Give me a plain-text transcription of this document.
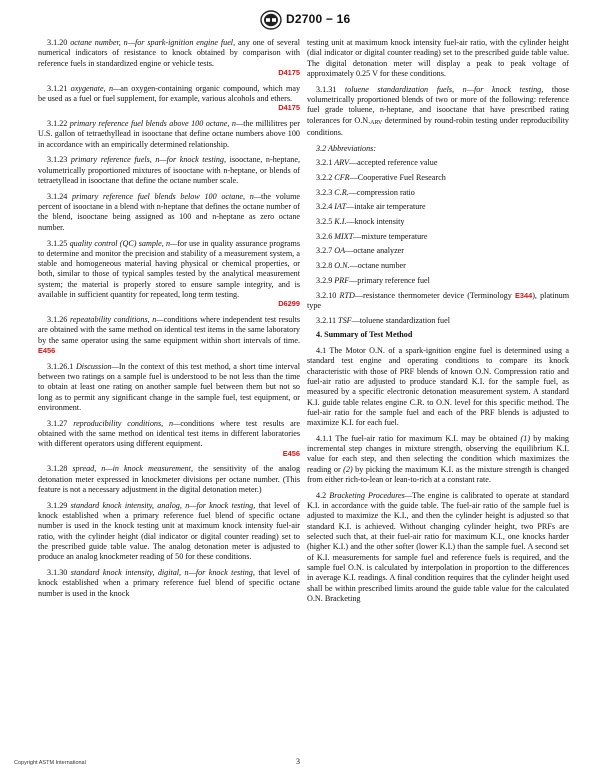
D2700 − 16

3.1.20 octane number, n—for spark-ignition engine fuel, any one of several numerical indicators of resistance to knock obtained by comparison with reference fuels in standardized engine or vehicle tests.
D4175

3.1.21 oxygenate, n—an oxygen-containing organic compound, which may be used as a fuel or fuel supplement, for example, various alcohols and ethers.
D4175

3.1.22 primary reference fuel blends above 100 octane, n—the millilitres per U.S. gallon of tetraethyllead in isooctane that define octane numbers above 100 in accordance with an empirically determined relationship.

3.1.23 primary reference fuels, n—for knock testing, isooctane, n-heptane, volumetrically proportioned mixtures of isooctane with n-heptane, or blends of tetraetyllead in isooctane that define the octane number scale.

3.1.24 primary reference fuel blends below 100 octane, n—the volume percent of isooctane in a blend with n-heptane that defines the octane number of the blend, isooctane being assigned as 100 and n-heptane as zero octane number.

3.1.25 quality control (QC) sample, n—for use in quality assurance programs to determine and monitor the precision and stability of a measurement system, a stable and homogeneous material having physical or chemical properties, or both, similar to those of typical samples tested by the analytical measurement system; the material is properly stored to ensure sample integrity, and is available in sufficient quantity for repeated, long term testing.
D6299

3.1.26 repeatability conditions, n—conditions where independent test results are obtained with the same method on identical test items in the same laboratory by the same operator using the same equipment within short intervals of time. E456

3.1.26.1 Discussion—In the context of this test method, a short time interval between two ratings on a sample fuel is understood to be not less than the time to obtain at least one rating on another sample fuel between them but not so long as to permit any significant change in the sample fuel, test equipment, or environment.

3.1.27 reproducibility conditions, n—conditions where test results are obtained with the same method on identical test items in different laboratories with different operators using different equipment.
E456

3.1.28 spread, n—in knock measurement, the sensitivity of the analog detonation meter expressed in knockmeter divisions per octane number. (This feature is not a necessary adjustment in the digital detonation meter.)

3.1.29 standard knock intensity, analog, n—for knock testing, that level of knock established when a primary reference fuel blend of specific octane number is used in the knock testing unit at maximum knock intensity fuel-air ratio, with the cylinder height (dial indicator or digital counter reading) set to the prescribed guide table value. The analog detonation meter is adjusted to produce an analog knockmeter reading of 50 for these conditions.

3.1.30 standard knock intensity, digital, n—for knock testing, that level of knock established when a primary reference fuel blend of specific octane number is used in the knock

testing unit at maximum knock intensity fuel-air ratio, with the cylinder height (dial indicator or digital counter reading) set to the prescribed guide table value. The digital detonation meter will display a peak to peak voltage of approximately 0.25 V for these conditions.

3.1.31 toluene standardization fuels, n—for knock testing, those volumetrically proportioned blends of two or more of the following: reference fuel grade toluene, n-heptane, and isooctane that have prescribed rating tolerances for O.N.ARV determined by round-robin testing under reproducibility conditions.

3.2 Abbreviations:

3.2.1 ARV—accepted reference value

3.2.2 CFR—Cooperative Fuel Research

3.2.3 C.R.—compression ratio

3.2.4 IAT—intake air temperature

3.2.5 K.I.—knock intensity

3.2.6 MIXT—mixture temperature

3.2.7 OA—octane analyzer

3.2.8 O.N.—octane number

3.2.9 PRF—primary reference fuel

3.2.10 RTD—resistance thermometer device (Terminology E344), platinum type

3.2.11 TSF—toluene standardization fuel

4. Summary of Test Method

4.1 The Motor O.N. of a spark-ignition engine fuel is determined using a standard test engine and operating conditions to compare its knock characteristic with those of PRF blends of known O.N. Compression ratio and fuel-air ratio are adjusted to produce standard K.I. for the sample fuel, as measured by a specific electronic detonation measurement system. A standard K.I. guide table relates engine C.R. to O.N. level for this specific method. The fuel-air ratio for the sample fuel and each of the PRF blends is adjusted to maximize K.I. for each fuel.

4.1.1 The fuel-air ratio for maximum K.I. may be obtained (1) by making incremental step changes in mixture strength, observing the equilibrium K.I. value for each step, and then selecting the condition which maximizes the reading or (2) by picking the maximum K.I. as the mixture strength is changed from either rich-to-lean or lean-to-rich at a constant rate.

4.2 Bracketing Procedures—The engine is calibrated to operate at standard K.I. in accordance with the guide table. The fuel-air ratio of the sample fuel is adjusted to maximize the K.I., and then the cylinder height is adjusted so that standard K.I. is achieved. Without changing cylinder height, two PRFs are selected such that, at their fuel-air ratio for maximum K.I., one knocks harder (higher K.I.) and the other softer (lower K.I.) than the sample fuel. A second set of K.I. measurements for sample fuel and reference fuels is required, and the sample fuel O.N. is calculated by interpolation in proportion to the differences in average K.I. readings. A final condition requires that the cylinder height used shall be within prescribed limits around the guide table value for the calculated O.N. Bracketing

Copyright ASTM International	3
